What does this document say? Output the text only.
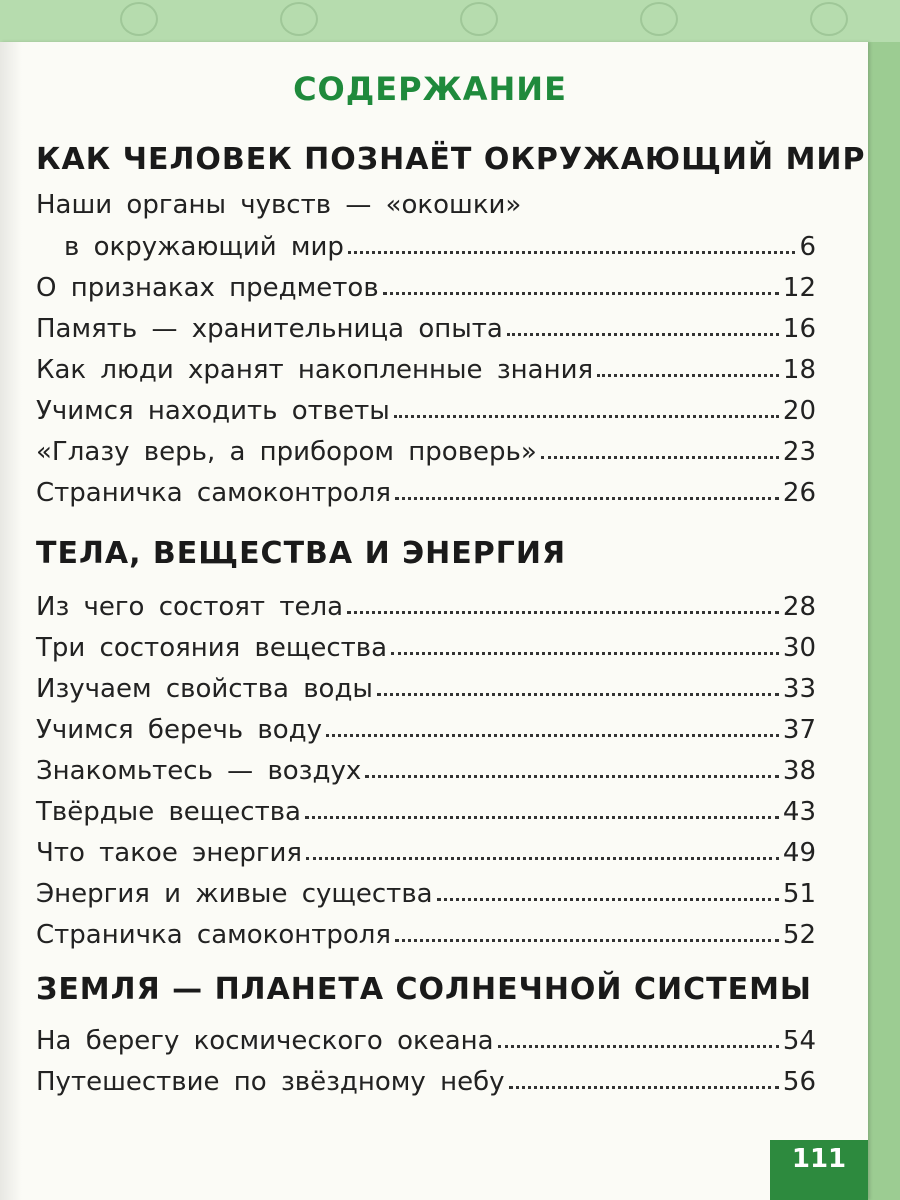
СОДЕРЖАНИЕ
КАК ЧЕЛОВЕК ПОЗНАЁТ ОКРУЖАЮЩИЙ МИР
Наши органы чувств — «окошки»
в окружающий мир	6
О признаках предметов	12
Память — хранительница опыта	16
Как люди хранят накопленные знания	18
Учимся находить ответы	20
«Глазу верь, а прибором проверь»	23
Страничка самоконтроля	26
ТЕЛА, ВЕЩЕСТВА И ЭНЕРГИЯ
Из чего состоят тела	28
Три состояния вещества	30
Изучаем свойства воды	33
Учимся беречь воду	37
Знакомьтесь — воздух	38
Твёрдые вещества	43
Что такое энергия	49
Энергия и живые существа	51
Страничка самоконтроля	52
ЗЕМЛЯ — ПЛАНЕТА СОЛНЕЧНОЙ СИСТЕМЫ
На берегу космического океана	54
Путешествие по звёздному небу	56
111
